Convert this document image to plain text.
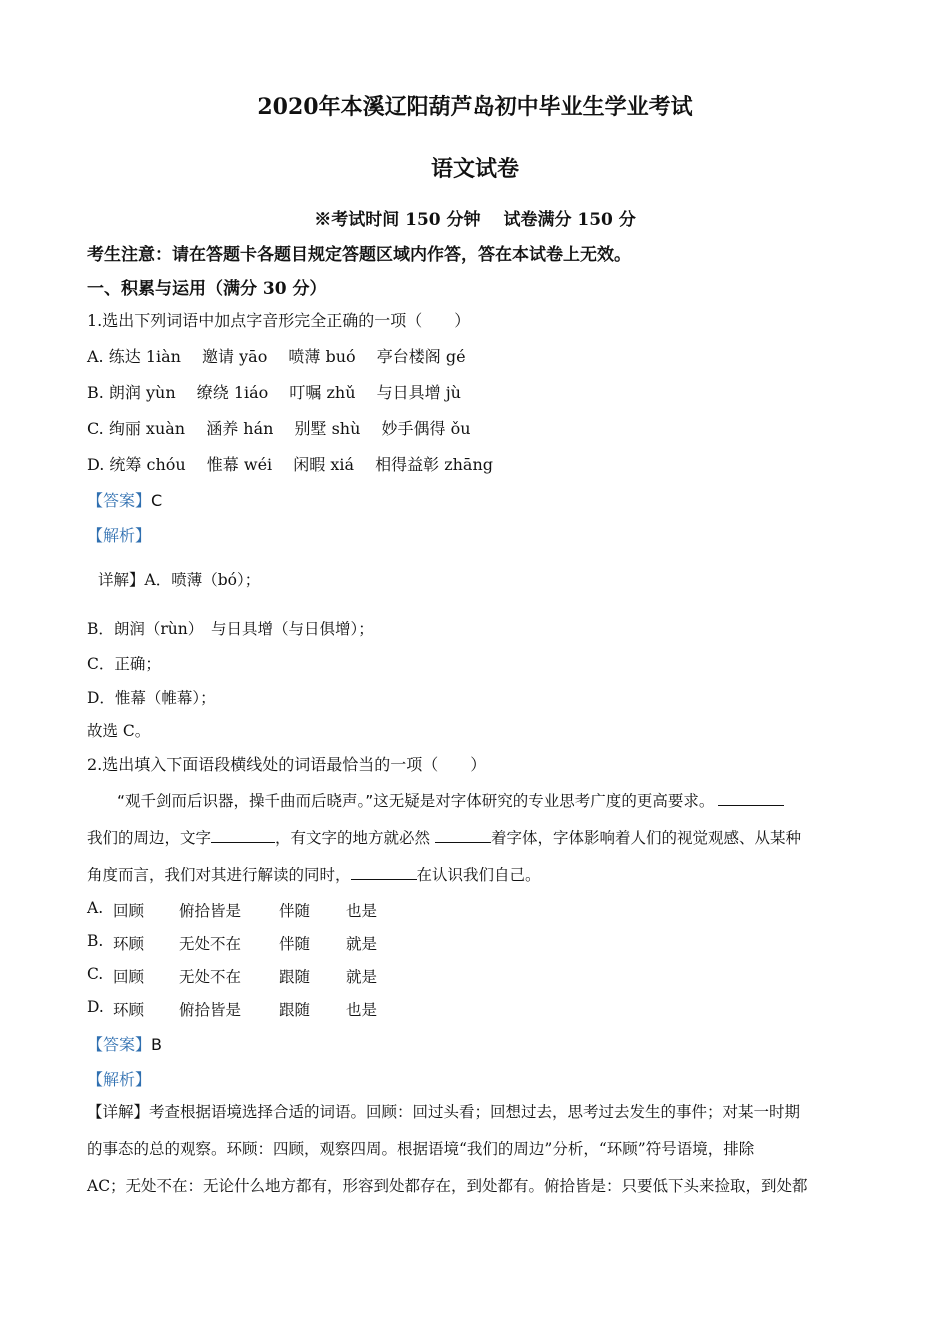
2020年本溪辽阳葫芦岛初中毕业生学业考试
语文试卷
※考试时间 150 分钟　 试卷满分 150 分
考生注意：请在答题卡各题目规定答题区域内作答，答在本试卷上无效。
一、积累与运用（满分 30 分）
1.选出下列词语中加点字音形完全正确的一项（　　）
A. 练达 1iàn　 邀请 yāo　 喷薄 buó　 亭台楼阁 gé
B. 朗润 yùn　 缭绕 1iáo　 叮嘱 zhǔ　 与日具增 jù
C. 绚丽 xuàn　 涵养 hán　 别墅 shù　 妙手偶得 ǒu
D. 统筹 chóu　 惟幕 wéi　 闲暇 xiá　 相得益彰 zhāng
【答案】C
【解析】
详解】A．喷薄（bó）；
B．朗润（rùn）　与日具增（与日俱增）；
C．正确；
D．惟幕（帷幕）；
故选 C。
2.选出填入下面语段横线处的词语最恰当的一项（　　）
“观千剑而后识器，操千曲而后晓声。”这无疑是对字体研究的专业思考广度的更高要求。
我们的周边，文字	，有文字的地方就必然	着字体，字体影响着人们的视觉观感、从某种
角度而言，我们对其进行解读的同时，	在认识我们自己。
A. 回顾 俯拾皆是 伴随 也是
B. 环顾 无处不在 伴随 就是
C. 回顾 无处不在 跟随 就是
D. 环顾 俯拾皆是 跟随 也是
【答案】B
【解析】
【详解】考查根据语境选择合适的词语。回顾：回过头看；回想过去，思考过去发生的事件；对某一时期
的事态的总的观察。环顾：四顾，观察四周。根据语境“我们的周边”分析，“环顾”符号语境，排除
AC；无处不在：无论什么地方都有，形容到处都存在，到处都有。俯拾皆是：只要低下头来捡取，到处都
